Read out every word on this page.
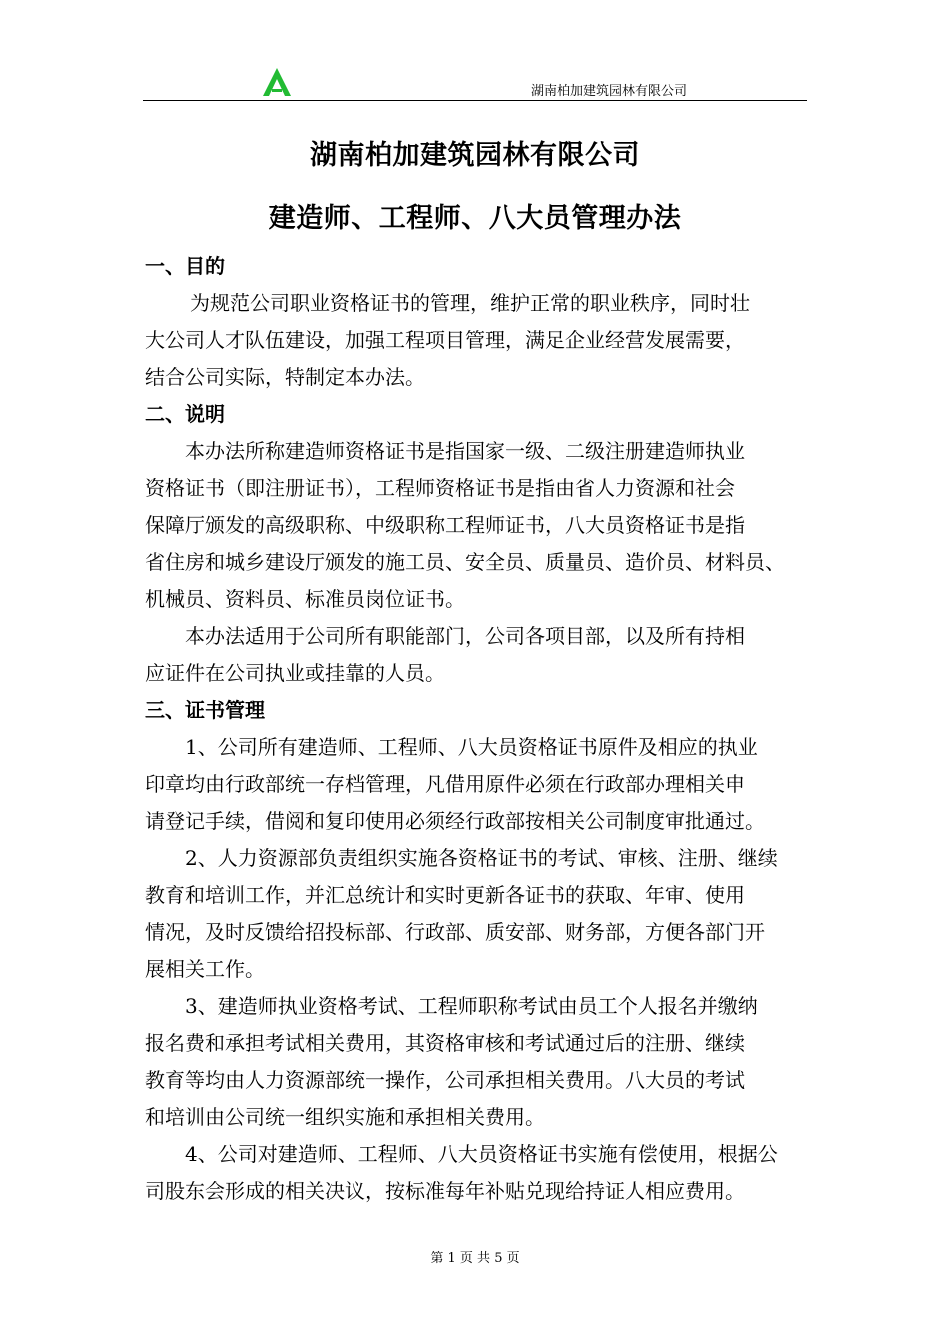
湖南柏加建筑园林有限公司
湖南柏加建筑园林有限公司
建造师、工程师、八大员管理办法
一、目的
为规范公司职业资格证书的管理，维护正常的职业秩序，同时壮
大公司人才队伍建设，加强工程项目管理，满足企业经营发展需要，
结合公司实际，特制定本办法。
二、说明
本办法所称建造师资格证书是指国家一级、二级注册建造师执业
资格证书（即注册证书），工程师资格证书是指由省人力资源和社会
保障厅颁发的高级职称、中级职称工程师证书，八大员资格证书是指
省住房和城乡建设厅颁发的施工员、安全员、质量员、造价员、材料员、
机械员、资料员、标准员岗位证书。
本办法适用于公司所有职能部门，公司各项目部，以及所有持相
应证件在公司执业或挂靠的人员。
三、证书管理
1、公司所有建造师、工程师、八大员资格证书原件及相应的执业
印章均由行政部统一存档管理，凡借用原件必须在行政部办理相关申
请登记手续，借阅和复印使用必须经行政部按相关公司制度审批通过。
2、人力资源部负责组织实施各资格证书的考试、审核、注册、继续
教育和培训工作，并汇总统计和实时更新各证书的获取、年审、使用
情况，及时反馈给招投标部、行政部、质安部、财务部，方便各部门开
展相关工作。
3、建造师执业资格考试、工程师职称考试由员工个人报名并缴纳
报名费和承担考试相关费用，其资格审核和考试通过后的注册、继续
教育等均由人力资源部统一操作，公司承担相关费用。八大员的考试
和培训由公司统一组织实施和承担相关费用。
4、公司对建造师、工程师、八大员资格证书实施有偿使用，根据公
司股东会形成的相关决议，按标准每年补贴兑现给持证人相应费用。
第 1 页 共 5 页
